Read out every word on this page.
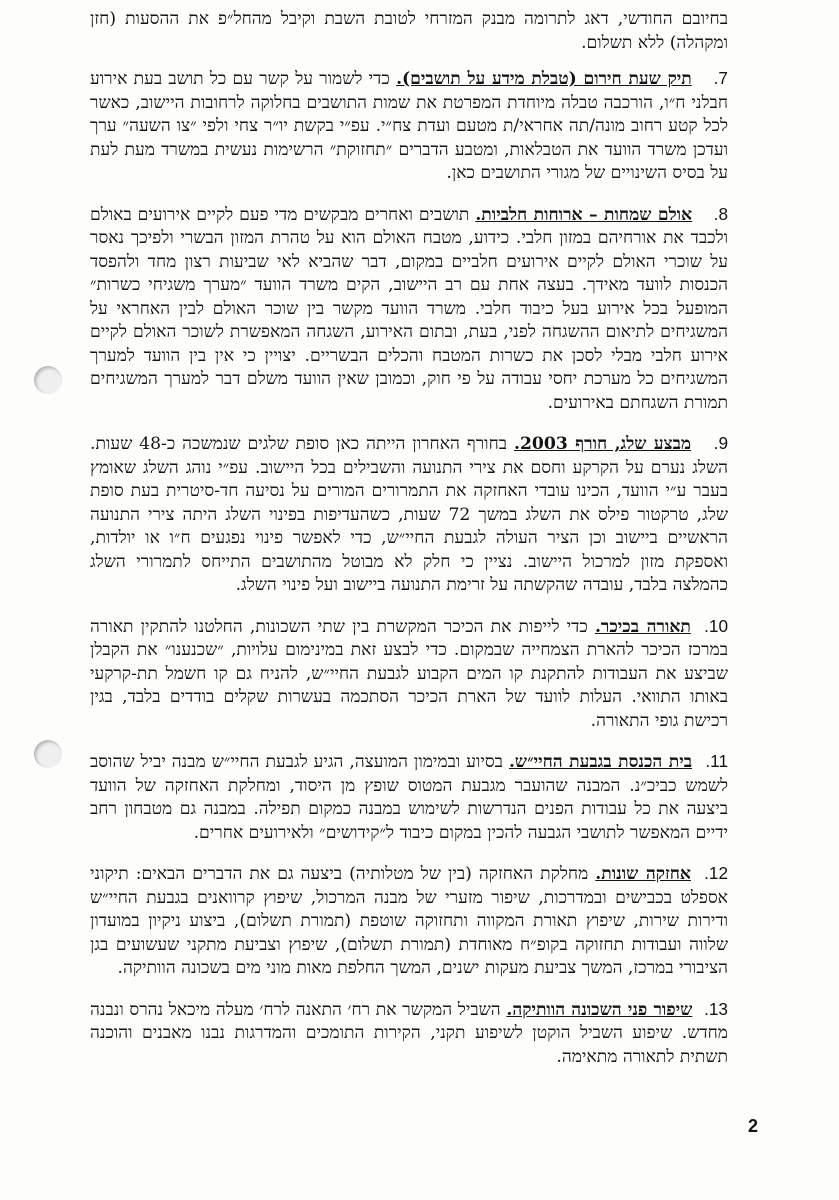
בחיובם החודשי, דאג לתרומה מבנק המזרחי לטובת השבת וקיבל מהחל״פ את ההסעות (חזן ומקהלה) ללא תשלום.

7. תיק שעת חירום (טבלת מידע על תושבים). כדי לשמור על קשר עם כל תושב בעת אירוע חבלני ח״ו, הורכבה טבלה מיוחדת המפרטת את שמות התושבים בחלוקה לרחובות היישוב, כאשר לכל קטע רחוב מונה/תה אחראי/ת מטעם ועדת צח״י. עפ״י בקשת יו״ר צחי ולפי ״צו השעה״ ערך ועדכן משרד הוועד את הטבלאות, ומטבע הדברים ״תחזוקת״ הרשימות נעשית במשרד מעת לעת על בסיס השינויים של מגורי התושבים כאן.

8. אולם שמחות – ארוחות חלביות. תושבים ואחרים מבקשים מדי פעם לקיים אירועים באולם ולכבד את אורחיהם במזון חלבי. כידוע, מטבח האולם הוא על טהרת המזון הבשרי ולפיכך נאסר על שוכרי האולם לקיים אירועים חלביים במקום, דבר שהביא לאי שביעות רצון מחד ולהפסד הכנסות לוועד מאידך. בעצה אחת עם רב היישוב, הקים משרד הוועד ״מערך משגיחי כשרות״ המופעל בכל אירוע בעל כיבוד חלבי. משרד הוועד מקשר בין שוכר האולם לבין האחראי על המשגיחים לתיאום ההשגחה לפני, בעת, ובתום האירוע, השגחה המאפשרת לשוכר האולם לקיים אירוע חלבי מבלי לסכן את כשרות המטבח והכלים הבשריים. יצויין כי אין בין הוועד למערך המשגיחים כל מערכת יחסי עבודה על פי חוק, וכמובן שאין הוועד משלם דבר למערך המשגיחים תמורת השגחתם באירועים.

9. מבצע שלג, חורף 2003. בחורף האחרון הייתה כאן סופת שלגים שנמשכה כ-48 שעות. השלג נערם על הקרקע וחסם את צירי התנועה והשבילים בכל היישוב. עפ״י נוהג השלג שאומץ בעבר ע״י הוועד, הכינו עובדי האחזקה את התמרורים המורים על נסיעה חד-סיטרית בעת סופת שלג, טרקטור פילס את השלג במשך 72 שעות, כשהעדיפות בפינוי השלג היתה צירי התנועה הראשיים ביישוב וכן הציר העולה לגבעת החיי״ש, כדי לאפשר פינוי נפגעים ח״ו או יולדות, ואספקת מזון למרכול היישוב. נציין כי חלק לא מבוטל מהתושבים התייחס לתמרורי השלג כהמלצה בלבד, עובדה שהקשתה על זרימת התנועה ביישוב ועל פינוי השלג.

10. תאורה בכיכר. כדי לייפות את הכיכר המקשרת בין שתי השכונות, החלטנו להתקין תאורה במרכז הכיכר להארת הצמחייה שבמקום. כדי לבצע זאת במינימום עלויות, ״שכנענו״ את הקבלן שביצע את העבודות להתקנת קו המים הקבוע לגבעת החיי״ש, להניח גם קו חשמל תת-קרקעי באותו התוואי. העלות לוועד של הארת הכיכר הסתכמה בעשרות שקלים בודדים בלבד, בגין רכישת גופי התאורה.

11. בית הכנסת בגבעת החיי״ש. בסיוע ובמימון המועצה, הגיע לגבעת החיי״ש מבנה יביל שהוסב לשמש כביכ״נ. המבנה שהועבר מגבעת המטוס שופץ מן היסוד, ומחלקת האחזקה של הוועד ביצעה את כל עבודות הפנים הנדרשות לשימוש במבנה כמקום תפילה. במבנה גם מטבחון רחב ידיים המאפשר לתושבי הגבעה להכין במקום כיבוד ל״קידושים״ ולאירועים אחרים.

12. אחזקה שונות. מחלקת האחזקה (בין של מטלותיה) ביצעה גם את הדברים הבאים: תיקוני אספלט בכבישים ובמדרכות, שיפור מזערי של מבנה המרכול, שיפוץ קרוואנים בגבעת החיי״ש ודירות שירות, שיפוץ תאורת המקווה ותחזוקה שוטפת (תמורת תשלום), ביצוע ניקיון במועדון שלווה ועבודות תחזוקה בקופ״ח מאוחדת (תמורת תשלום), שיפוץ וצביעת מתקני שעשועים בגן הציבורי במרכז, המשך צביעת מעקות ישנים, המשך החלפת מאות מוני מים בשכונה הוותיקה.

13. שיפור פני השכונה הוותיקה. השביל המקשר את רח׳ התאנה לרח׳ מעלה מיכאל נהרס ונבנה מחדש. שיפוע השביל הוקטן לשיפוע תקני, הקירות התומכים והמדרגות נבנו מאבנים והוכנה תשתית לתאורה מתאימה.

2
